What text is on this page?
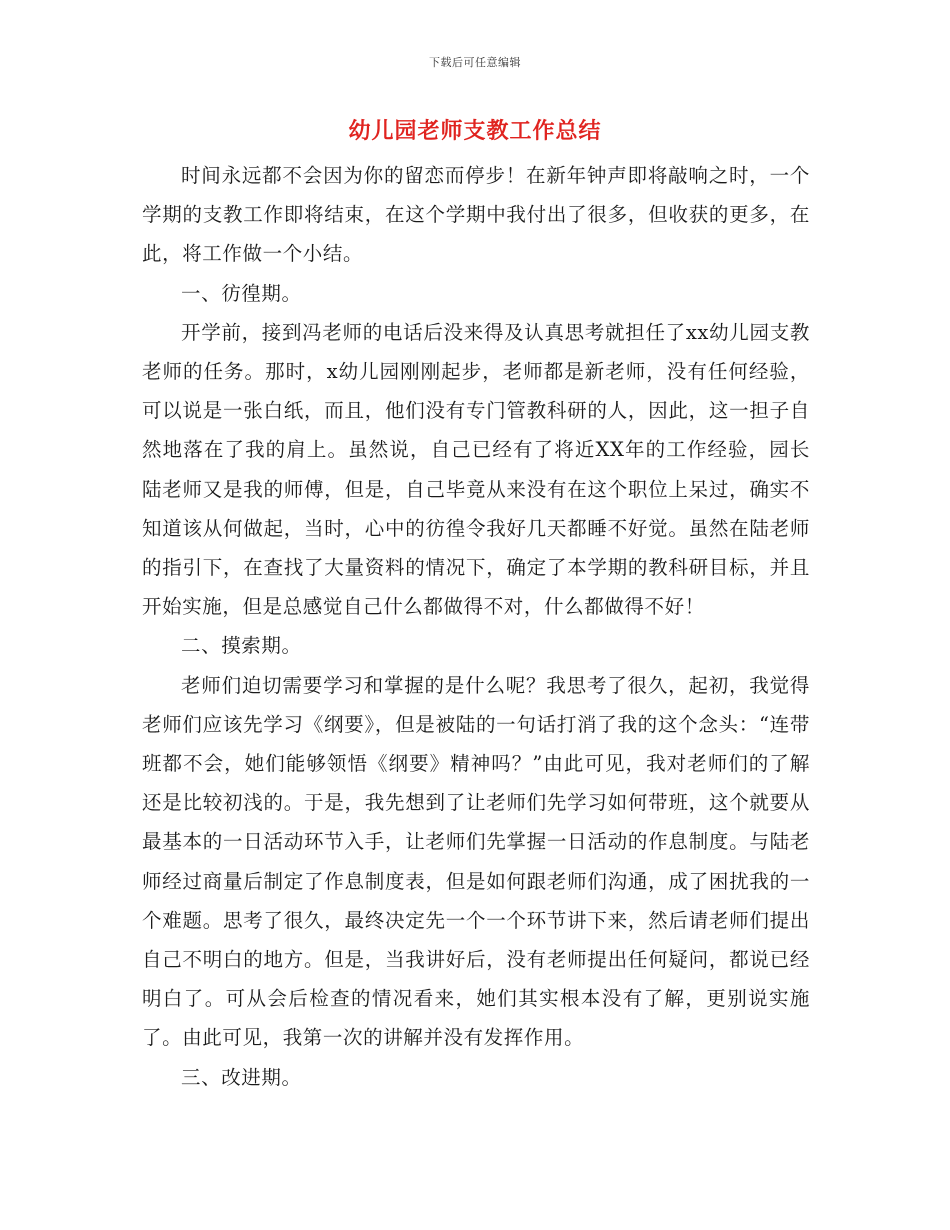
下载后可任意编辑
幼儿园老师支教工作总结

时间永远都不会因为你的留恋而停步！在新年钟声即将敲响之时，一个学期的支教工作即将结束，在这个学期中我付出了很多，但收获的更多，在此，将工作做一个小结。

一、彷徨期。

开学前，接到冯老师的电话后没来得及认真思考就担任了xx幼儿园支教老师的任务。那时，x幼儿园刚刚起步，老师都是新老师，没有任何经验，可以说是一张白纸，而且，他们没有专门管教科研的人，因此，这一担子自然地落在了我的肩上。虽然说，自己已经有了将近XX年的工作经验，园长陆老师又是我的师傅，但是，自己毕竟从来没有在这个职位上呆过，确实不知道该从何做起，当时，心中的彷徨令我好几天都睡不好觉。虽然在陆老师的指引下，在查找了大量资料的情况下，确定了本学期的教科研目标，并且开始实施，但是总感觉自己什么都做得不对，什么都做得不好！

二、摸索期。

老师们迫切需要学习和掌握的是什么呢？我思考了很久，起初，我觉得老师们应该先学习《纲要》，但是被陆的一句话打消了我的这个念头：“连带班都不会，她们能够领悟《纲要》精神吗？”由此可见，我对老师们的了解还是比较初浅的。于是，我先想到了让老师们先学习如何带班，这个就要从最基本的一日活动环节入手，让老师们先掌握一日活动的作息制度。与陆老师经过商量后制定了作息制度表，但是如何跟老师们沟通，成了困扰我的一个难题。思考了很久，最终决定先一个一个环节讲下来，然后请老师们提出自己不明白的地方。但是，当我讲好后，没有老师提出任何疑问，都说已经明白了。可从会后检查的情况看来，她们其实根本没有了解，更别说实施了。由此可见，我第一次的讲解并没有发挥作用。

三、改进期。
